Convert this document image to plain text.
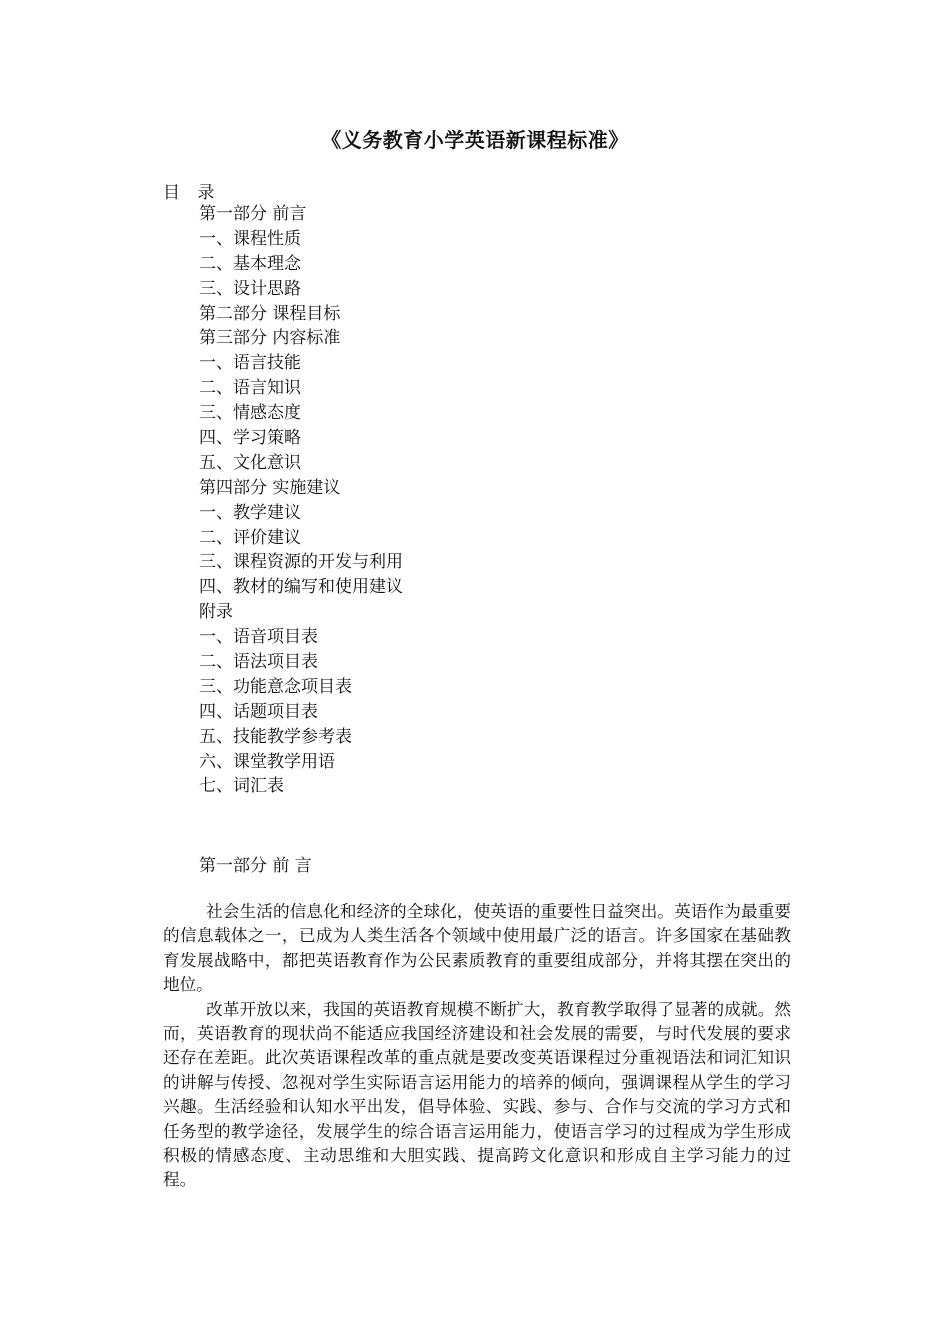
《义务教育小学英语新课程标准》
目 录
第一部分 前言
一、课程性质
二、基本理念
三、设计思路
第二部分 课程目标
第三部分 内容标准
一、语言技能
二、语言知识
三、情感态度
四、学习策略
五、文化意识
第四部分 实施建议
一、教学建议
二、评价建议
三、课程资源的开发与利用
四、教材的编写和使用建议
附录
一、语音项目表
二、语法项目表
三、功能意念项目表
四、话题项目表
五、技能教学参考表
六、课堂教学用语
七、词汇表
第一部分 前 言

社会生活的信息化和经济的全球化，使英语的重要性日益突出。英语作为最重要的信息载体之一，已成为人类生活各个领域中使用最广泛的语言。许多国家在基础教育发展战略中，都把英语教育作为公民素质教育的重要组成部分，并将其摆在突出的地位。

改革开放以来，我国的英语教育规模不断扩大，教育教学取得了显著的成就。然而，英语教育的现状尚不能适应我国经济建设和社会发展的需要，与时代发展的要求还存在差距。此次英语课程改革的重点就是要改变英语课程过分重视语法和词汇知识的讲解与传授、忽视对学生实际语言运用能力的培养的倾向，强调课程从学生的学习兴趣。生活经验和认知水平出发，倡导体验、实践、参与、合作与交流的学习方式和任务型的教学途径，发展学生的综合语言运用能力，使语言学习的过程成为学生形成积极的情感态度、主动思维和大胆实践、提高跨文化意识和形成自主学习能力的过程。
